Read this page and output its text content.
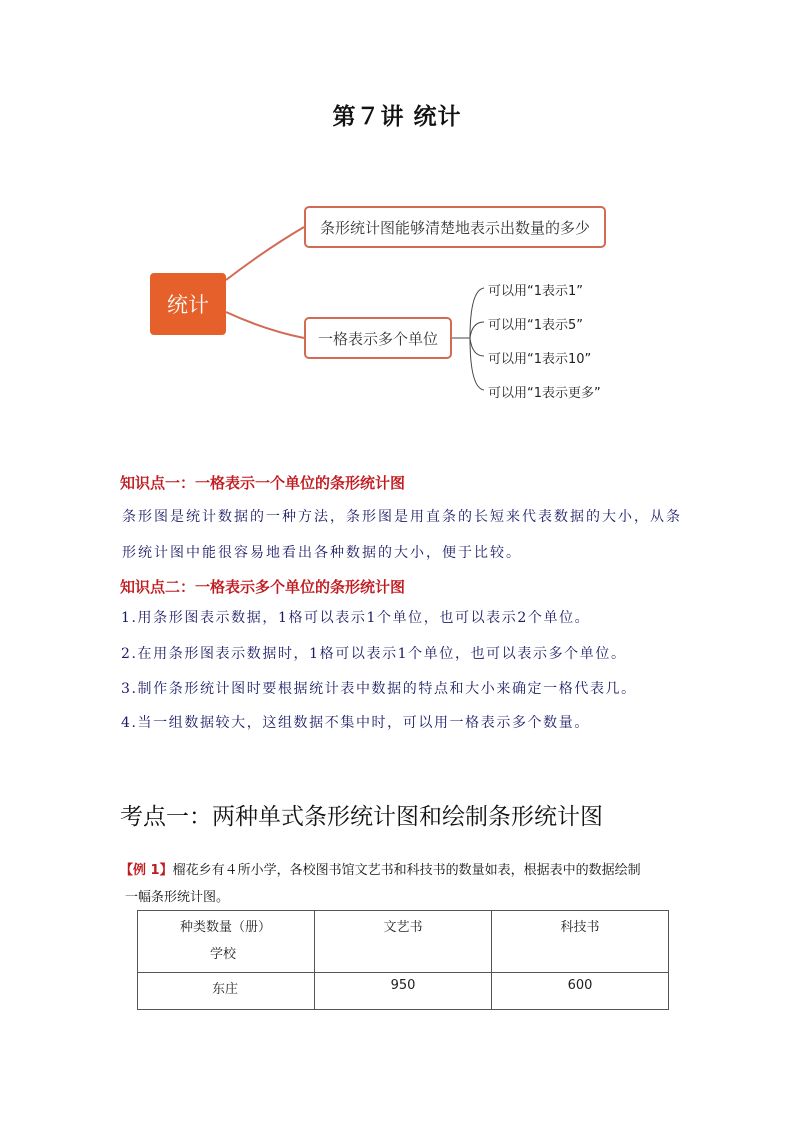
第７讲 统计
统计
条形统计图能够清楚地表示出数量的多少
一格表示多个单位
可以用“1表示1”
可以用“1表示5”
可以用“1表示10”
可以用“1表示更多”
知识点一：一格表示一个单位的条形统计图
条形图是统计数据的一种方法，条形图是用直条的长短来代表数据的大小，从条
形统计图中能很容易地看出各种数据的大小，便于比较。
知识点二：一格表示多个单位的条形统计图
1.用条形图表示数据，1格可以表示1个单位，也可以表示2个单位。
2.在用条形图表示数据时，1格可以表示1个单位，也可以表示多个单位。
3.制作条形统计图时要根据统计表中数据的特点和大小来确定一格代表几。
4.当一组数据较大，这组数据不集中时，可以用一格表示多个数量。
考点一：两种单式条形统计图和绘制条形统计图
【例 1】榴花乡有４所小学，各校图书馆文艺书和科技书的数量如表，根据表中的数据绘制
一幅条形统计图。
种类数量（册）
学校	文艺书	科技书
东庄	950	600
